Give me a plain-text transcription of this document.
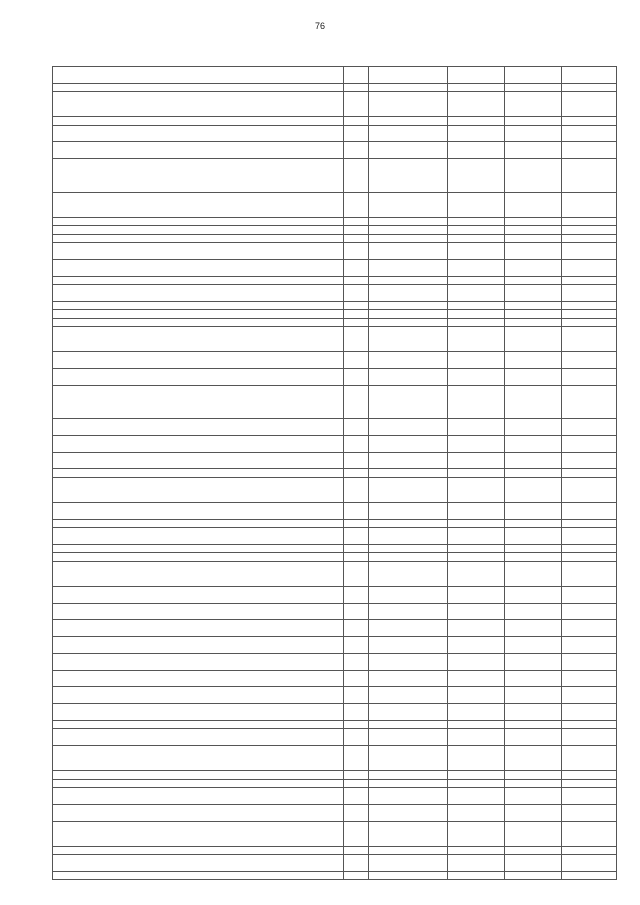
76
